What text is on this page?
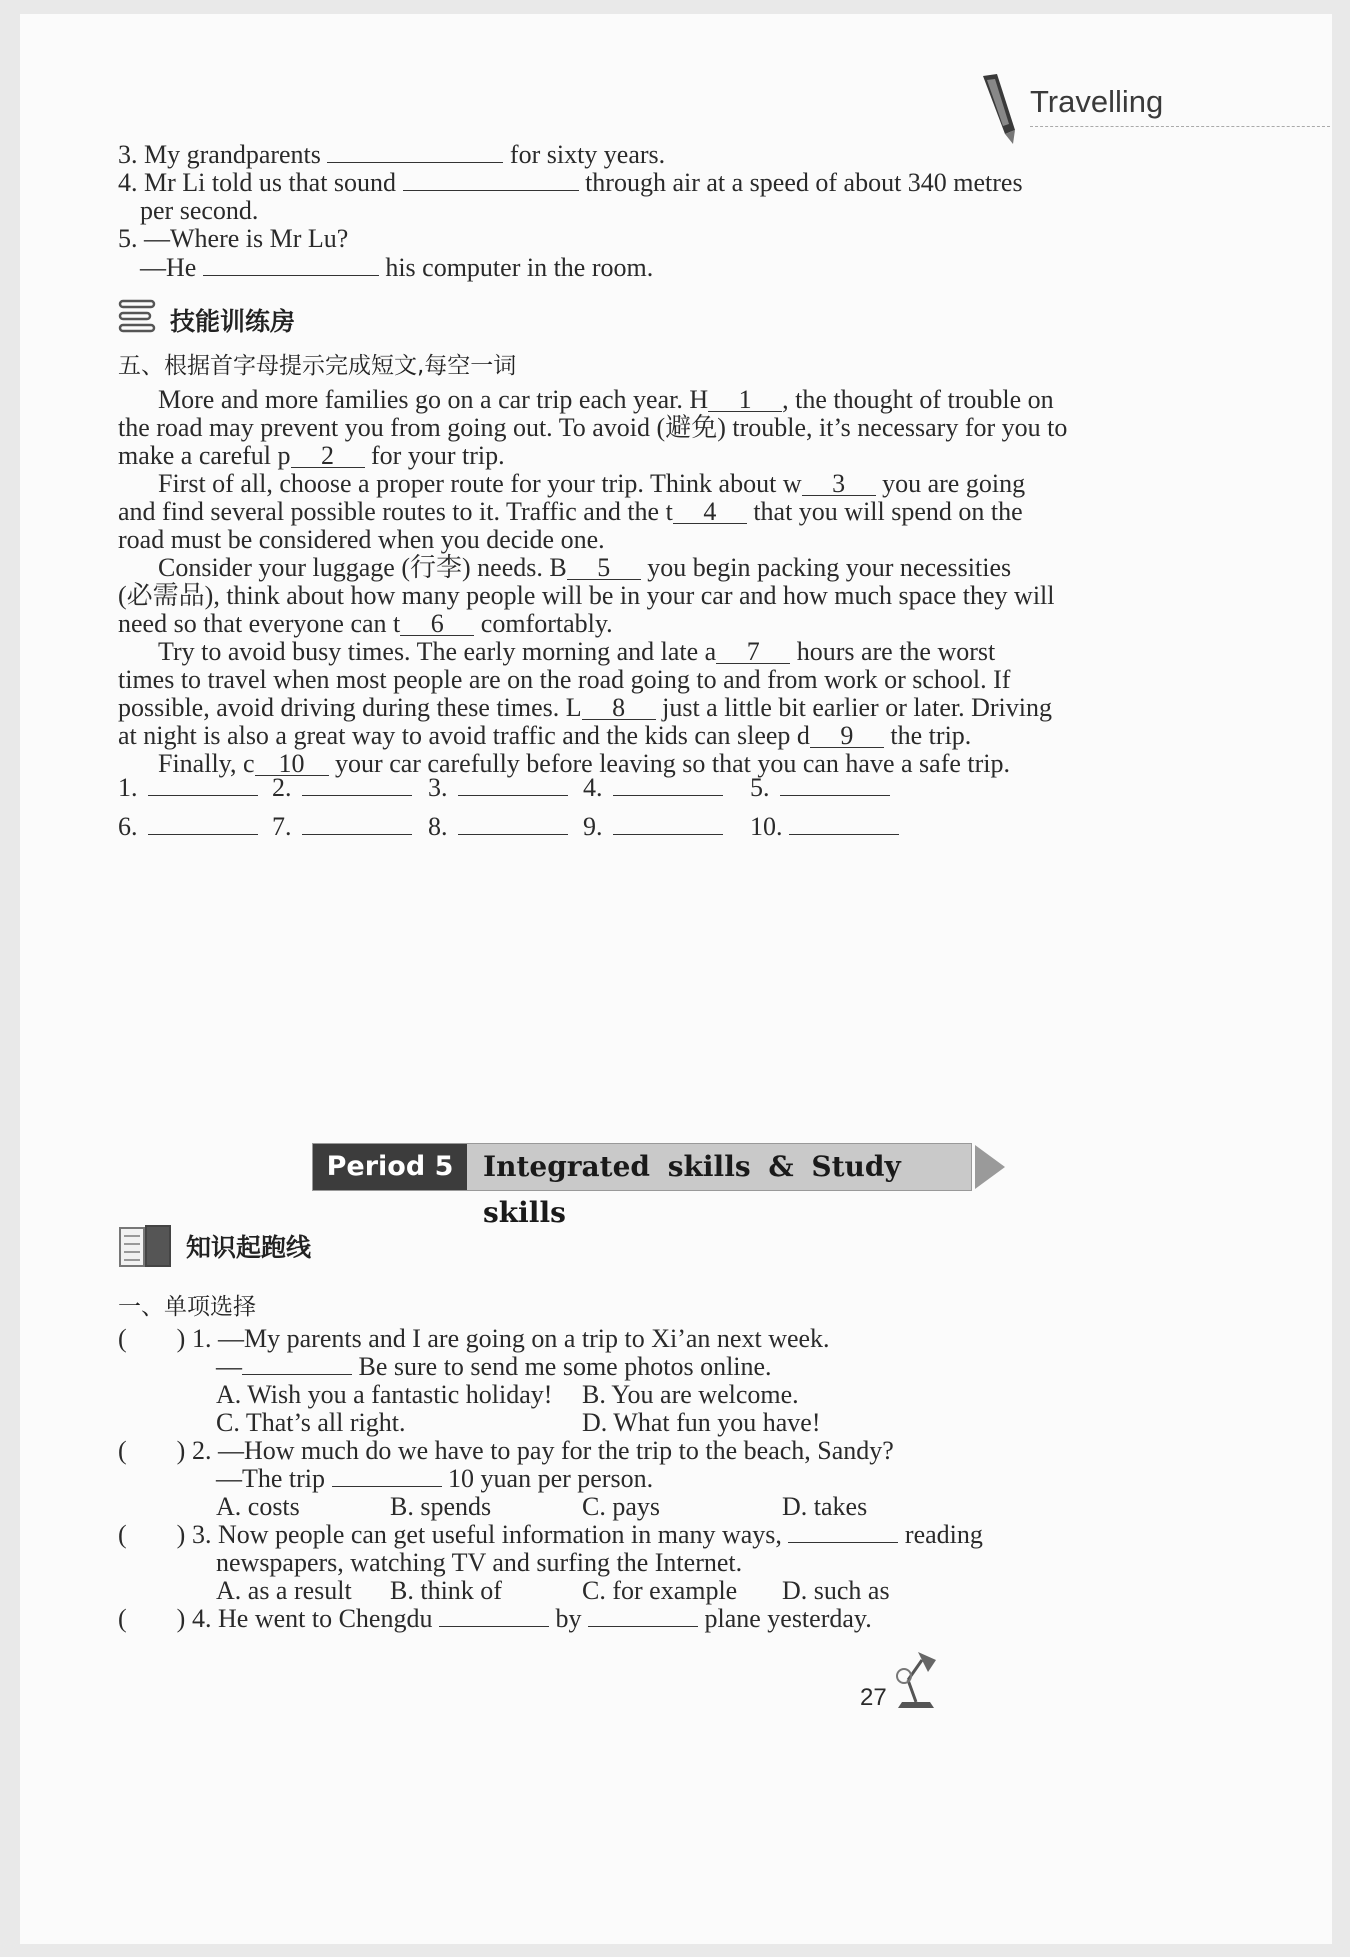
Travelling
3. My grandparents	for sixty years.
4. Mr Li told us that sound	through air at a speed of about 340 metres
per second.
5. —Where is Mr Lu?
—He	his computer in the room.
技能训练房
五、根据首字母提示完成短文,每空一词
More and more families go on a car trip each year. H 1 , the thought of trouble on
the road may prevent you from going out. To avoid (避免) trouble, it’s necessary for you to
make a careful p 2 for your trip.
First of all, choose a proper route for your trip. Think about w 3 you are going
and find several possible routes to it. Traffic and the t 4 that you will spend on the
road must be considered when you decide one.
Consider your luggage (行李) needs. B 5 you begin packing your necessities
(必需品), think about how many people will be in your car and how much space they will
need so that everyone can t 6 comfortably.
Try to avoid busy times. The early morning and late a 7 hours are the worst
times to travel when most people are on the road going to and from work or school. If
possible, avoid driving during these times. L 8 just a little bit earlier or later. Driving
at night is also a great way to avoid traffic and the kids can sleep d 9 the trip.
Finally, c 10 your car carefully before leaving so that you can have a safe trip.
1.	2.	3.	4.	5.
6.	7.	8.	9.	10.
Period 5	Integrated skills & Study skills
知识起跑线
一、单项选择
( ) 1. —My parents and I are going on a trip to Xi’an next week.
—	Be sure to send me some photos online.
A. Wish you a fantastic holiday! B. You are welcome.
C. That’s all right.	D. What fun you have!
( ) 2. —How much do we have to pay for the trip to the beach, Sandy?
—The trip	10 yuan per person.
A. costs	B. spends	C. pays	D. takes
( ) 3. Now people can get useful information in many ways,	reading
newspapers, watching TV and surfing the Internet.
A. as a result B. think of	C. for example D. such as
( ) 4. He went to Chengdu	by	plane yesterday.
27
